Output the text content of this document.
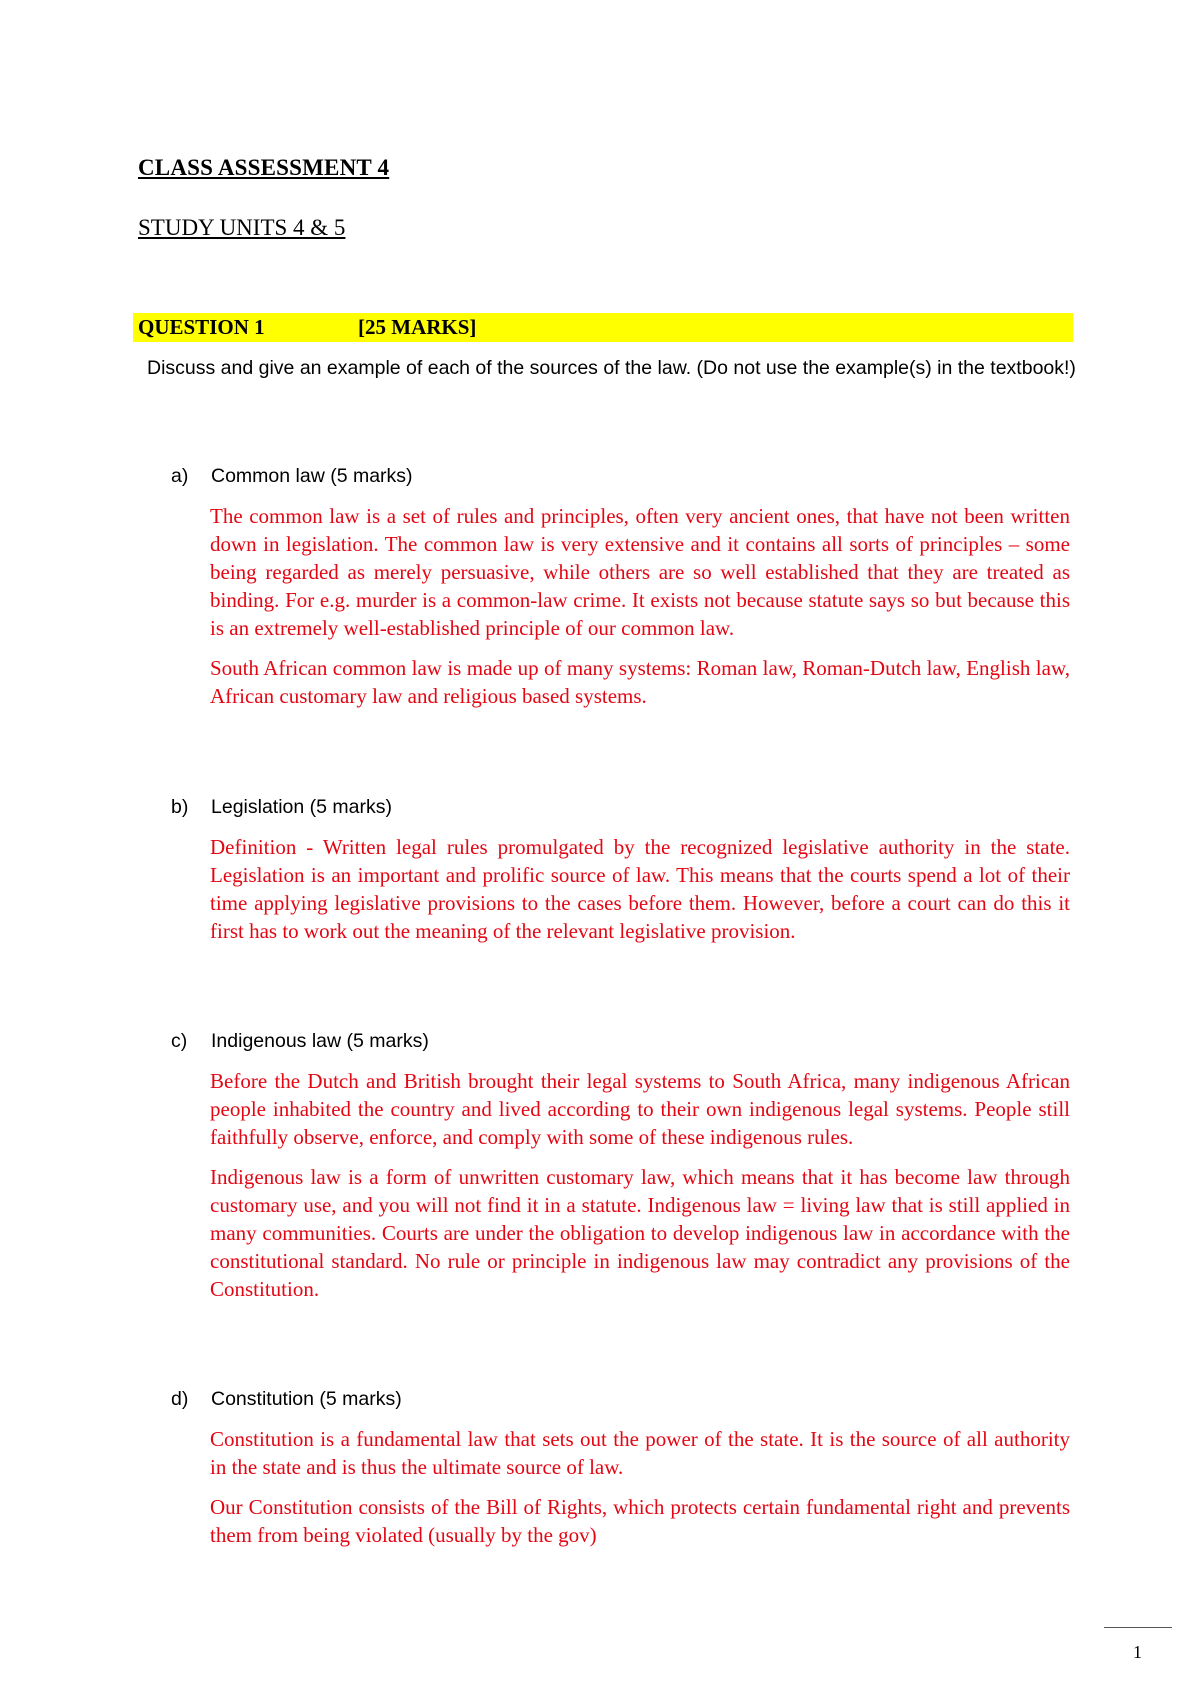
CLASS ASSESSMENT 4
STUDY UNITS 4 & 5
QUESTION 1	[25 MARKS]
Discuss and give an example of each of the sources of the law. (Do not use the example(s) in the textbook!)
a) Common law (5 marks)

The common law is a set of rules and principles, often very ancient ones, that have not been written down in legislation. The common law is very extensive and it contains all sorts of principles – some being regarded as merely persuasive, while others are so well established that they are treated as binding. For e.g. murder is a common-law crime. It exists not because statute says so but because this is an extremely well-established principle of our common law.

South African common law is made up of many systems: Roman law, Roman-Dutch law, English law, African customary law and religious based systems.

b) Legislation (5 marks)

Definition - Written legal rules promulgated by the recognized legislative authority in the state. Legislation is an important and prolific source of law. This means that the courts spend a lot of their time applying legislative provisions to the cases before them. However, before a court can do this it first has to work out the meaning of the relevant legislative provision.

c) Indigenous law (5 marks)

Before the Dutch and British brought their legal systems to South Africa, many indigenous African people inhabited the country and lived according to their own indigenous legal systems. People still faithfully observe, enforce, and comply with some of these indigenous rules.

Indigenous law is a form of unwritten customary law, which means that it has become law through customary use, and you will not find it in a statute. Indigenous law = living law that is still applied in many communities. Courts are under the obligation to develop indigenous law in accordance with the constitutional standard. No rule or principle in indigenous law may contradict any provisions of the Constitution.

d) Constitution (5 marks)

Constitution is a fundamental law that sets out the power of the state. It is the source of all authority in the state and is thus the ultimate source of law.

Our Constitution consists of the Bill of Rights, which protects certain fundamental right and prevents them from being violated (usually by the gov)

1
